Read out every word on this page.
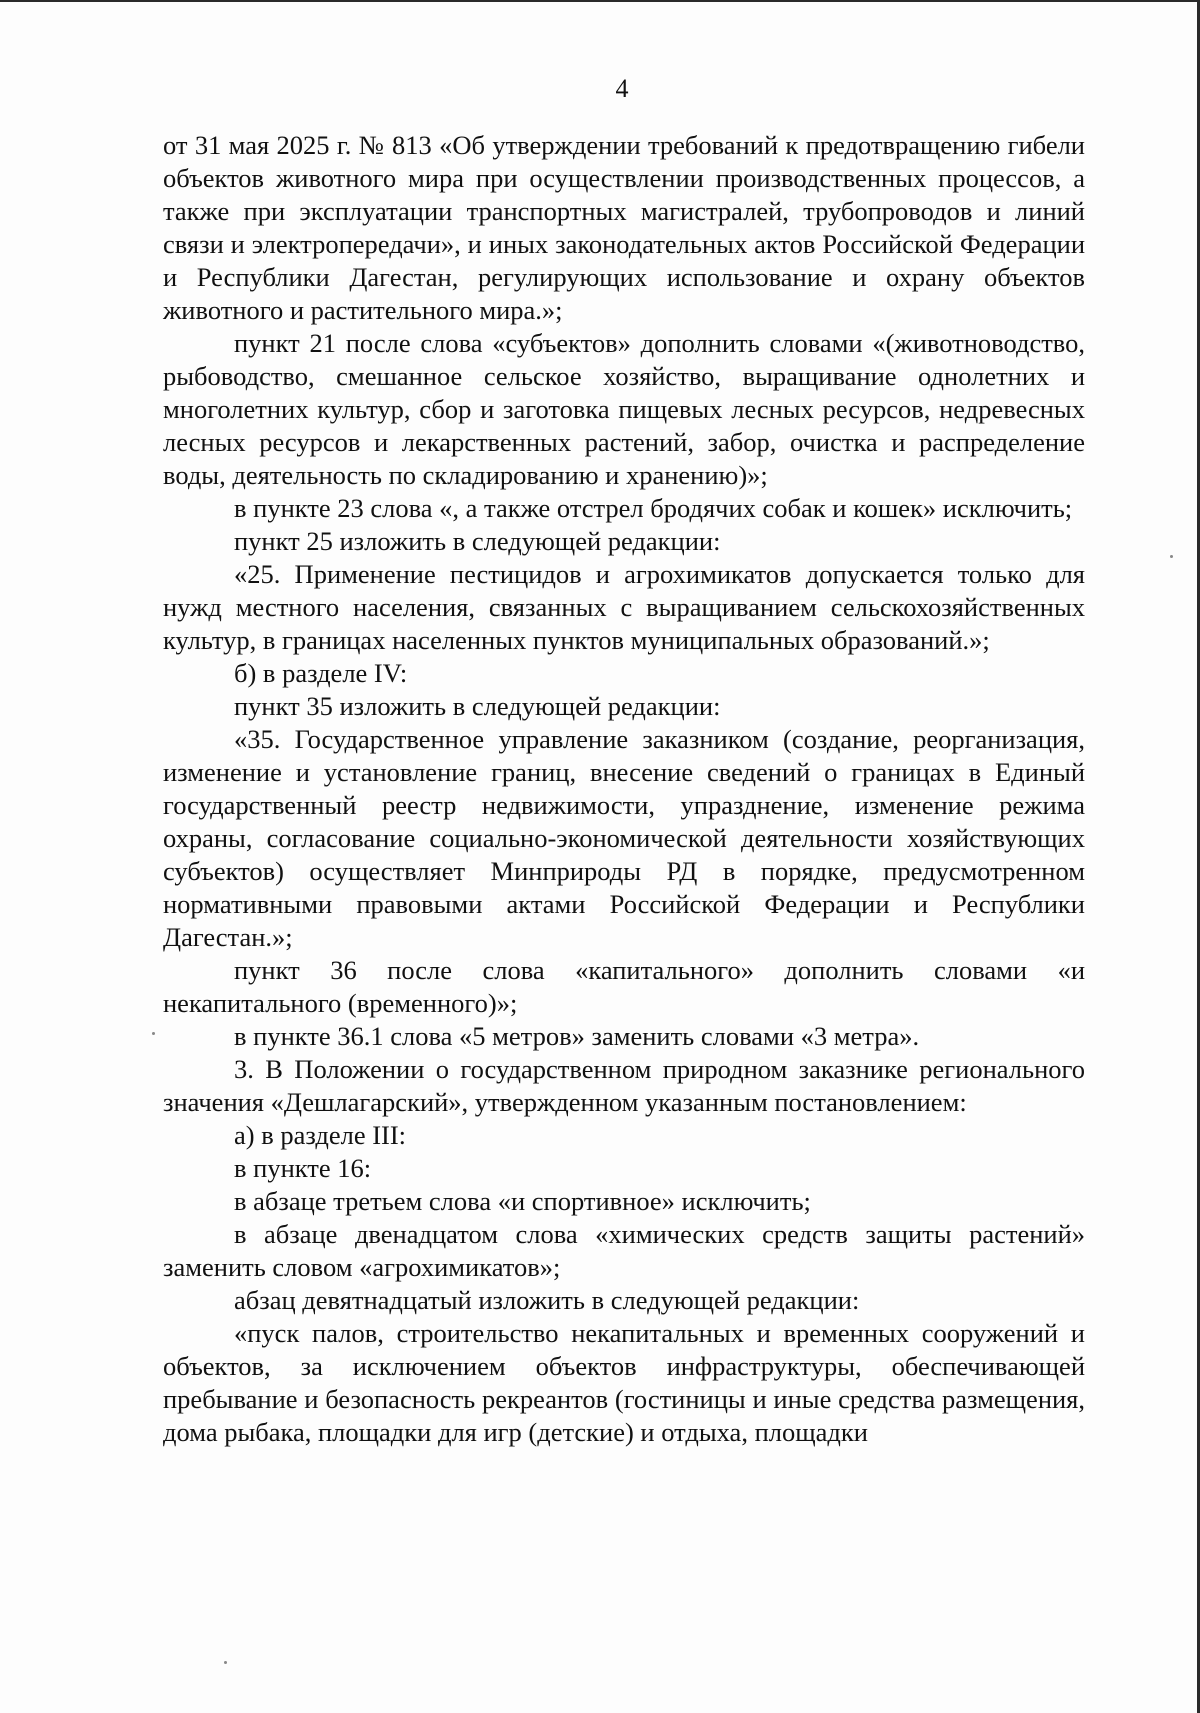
4

от 31 мая 2025 г. № 813 «Об утверждении требований к предотвращению гибели объектов животного мира при осуществлении производственных процессов, а также при эксплуатации транспортных магистралей, трубопроводов и линий связи и электропередачи», и иных законодательных актов Российской Федерации и Республики Дагестан, регулирующих использование и охрану объектов животного и растительного мира.»;

пункт 21 после слова «субъектов» дополнить словами «(животноводство, рыбоводство, смешанное сельское хозяйство, выращивание однолетних и многолетних культур, сбор и заготовка пищевых лесных ресурсов, недревесных лесных ресурсов и лекарственных растений, забор, очистка и распределение воды, деятельность по складированию и хранению)»;

в пункте 23 слова «, а также отстрел бродячих собак и кошек» исключить;

пункт 25 изложить в следующей редакции:

«25. Применение пестицидов и агрохимикатов допускается только для нужд местного населения, связанных с выращиванием сельскохозяйственных культур, в границах населенных пунктов муниципальных образований.»;

б) в разделе IV:

пункт 35 изложить в следующей редакции:

«35. Государственное управление заказником (создание, реорганизация, изменение и установление границ, внесение сведений о границах в Единый государственный реестр недвижимости, упразднение, изменение режима охраны, согласование социально-экономической деятельности хозяйствующих субъектов) осуществляет Минприроды РД в порядке, предусмотренном нормативными правовыми актами Российской Федерации и Республики Дагестан.»;

пункт 36 после слова «капитального» дополнить словами «и некапитального (временного)»;

в пункте 36.1 слова «5 метров» заменить словами «3 метра».

3. В Положении о государственном природном заказнике регионального значения «Дешлагарский», утвержденном указанным постановлением:

а) в разделе III:

в пункте 16:

в абзаце третьем слова «и спортивное» исключить;

в абзаце двенадцатом слова «химических средств защиты растений» заменить словом «агрохимикатов»;

абзац девятнадцатый изложить в следующей редакции:

«пуск палов, строительство некапитальных и временных сооружений и объектов, за исключением объектов инфраструктуры, обеспечивающей пребывание и безопасность рекреантов (гостиницы и иные средства размещения, дома рыбака, площадки для игр (детские) и отдыха, площадки
